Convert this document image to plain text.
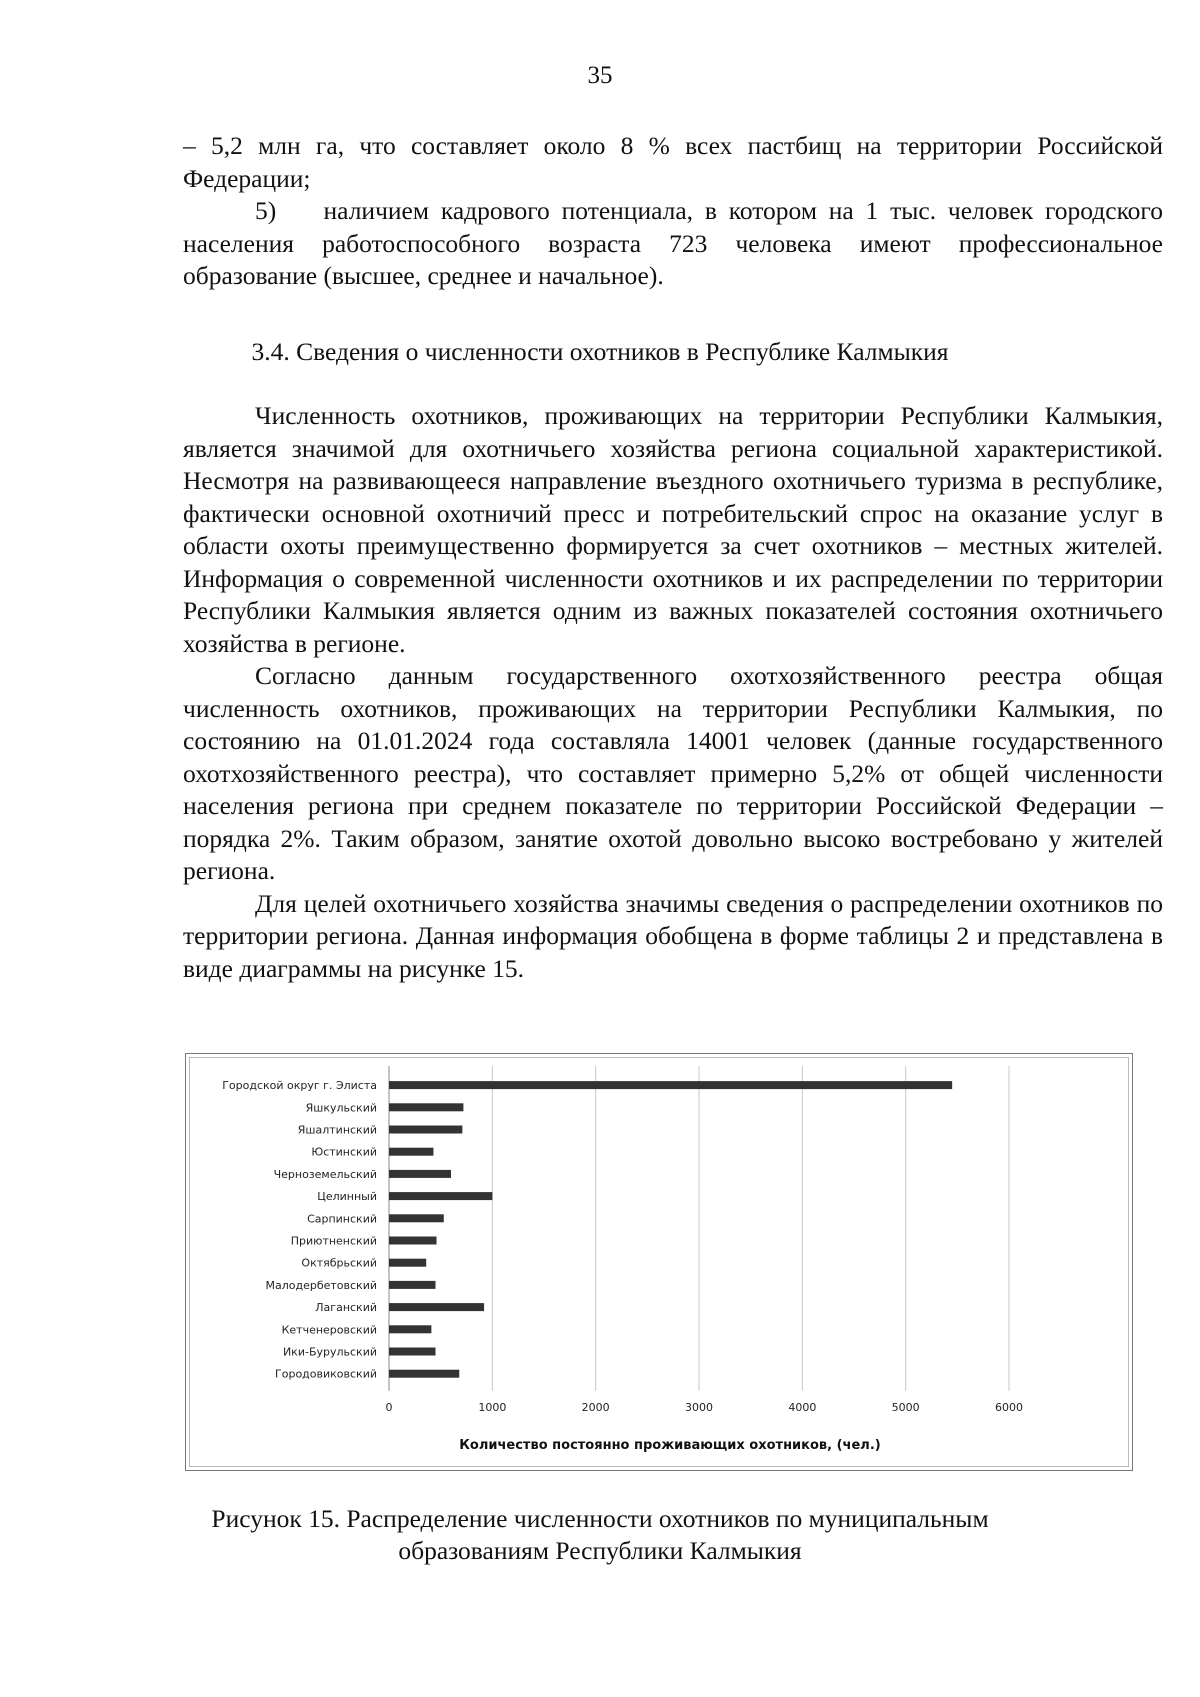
35

– 5,2 млн га, что составляет около 8 % всех пастбищ на территории Российской Федерации;

5)    наличием кадрового потенциала, в котором на 1 тыс. человек городского населения работоспособного возраста 723 человека имеют профессиональное образование (высшее, среднее и начальное).

3.4. Сведения о численности охотников в Республике Калмыкия

Численность охотников, проживающих на территории Республики Калмыкия, является значимой для охотничьего хозяйства региона социальной характеристикой. Несмотря на развивающееся направление въездного охотничьего туризма в республике, фактически основной охотничий пресс и потребительский спрос на оказание услуг в области охоты преимущественно формируется за счет охотников – местных жителей. Информация о современной численности охотников и их распределении по территории Республики Калмыкия является одним из важных показателей состояния охотничьего хозяйства в регионе.

Согласно данным государственного охотхозяйственного реестра общая численность охотников, проживающих на территории Республики Калмыкия, по состоянию на 01.01.2024 года составляла 14001 человек (данные государственного охотхозяйственного реестра), что составляет примерно 5,2% от общей численности населения региона при среднем показателе по территории Российской Федерации – порядка 2%. Таким образом, занятие охотой довольно высоко востребовано у жителей региона.

Для целей охотничьего хозяйства значимы сведения о распределении охотников по территории региона. Данная информация обобщена в форме таблицы 2 и представлена в виде диаграммы на рисунке 15.

Городской округ г. Элиста
Яшкульский
Яшалтинский
Юстинский
Черноземельский
Целинный
Сарпинский
Приютненский
Октябрьский
Малодербетовский
Лаганский
Кетченеровский
Ики-Бурульский
Городовиковский
0	1000	2000	3000	4000	5000	6000
Количество постоянно проживающих охотников, (чел.)
Рисунок 15. Распределение численности охотников по муниципальным
образованиям Республики Калмыкия
